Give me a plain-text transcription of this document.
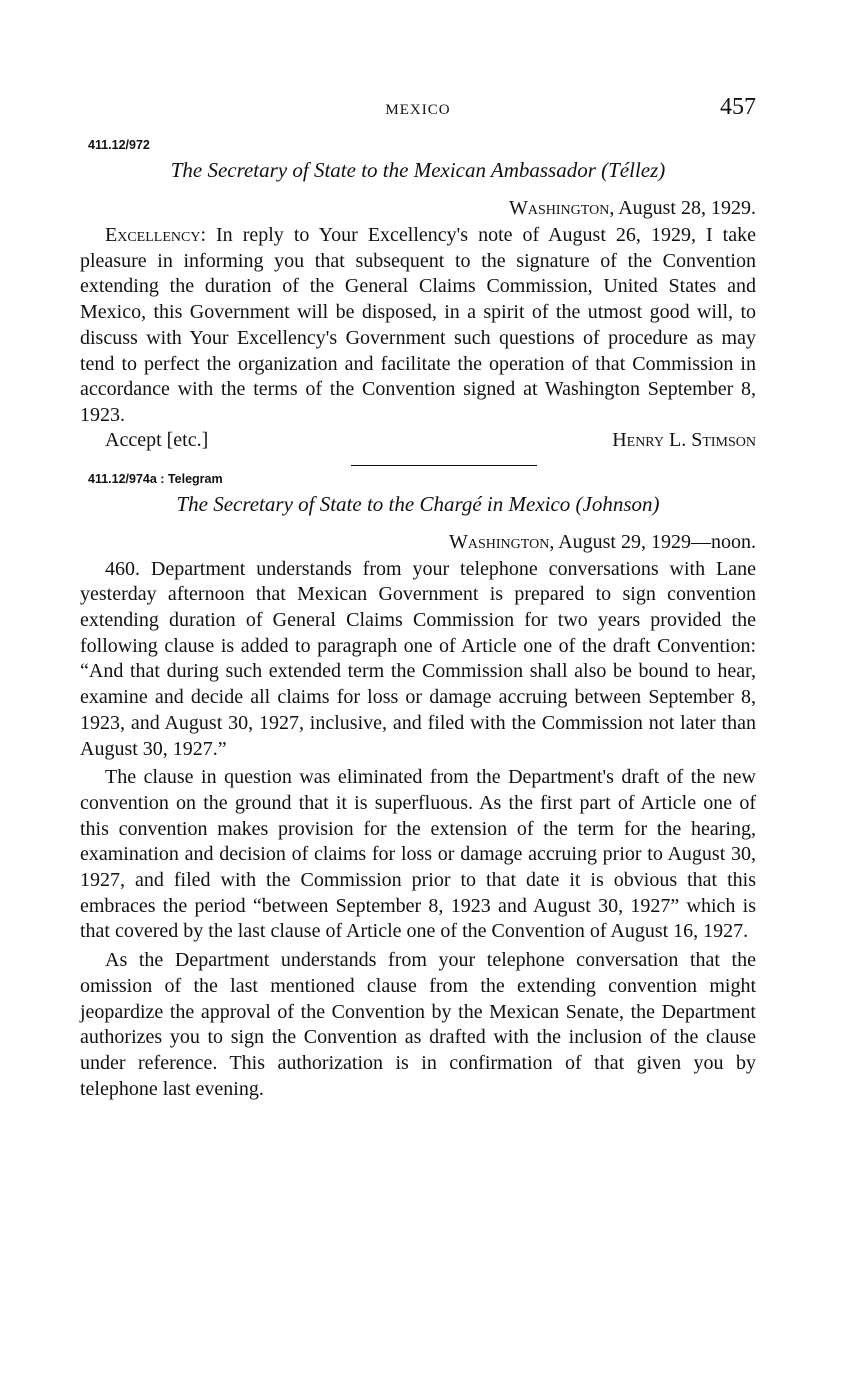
MEXICO	457
411.12/972
The Secretary of State to the Mexican Ambassador (Téllez)
Washington, August 28, 1929.

Excellency: In reply to Your Excellency's note of August 26, 1929, I take pleasure in informing you that subsequent to the signature of the Convention extending the duration of the General Claims Commission, United States and Mexico, this Government will be disposed, in a spirit of the utmost good will, to discuss with Your Excellency's Government such questions of procedure as may tend to perfect the organization and facilitate the operation of that Commission in accordance with the terms of the Convention signed at Washington September 8, 1923.

Accept [etc.]	Henry L. Stimson
411.12/974a : Telegram
The Secretary of State to the Chargé in Mexico (Johnson)
Washington, August 29, 1929—noon.

460. Department understands from your telephone conversations with Lane yesterday afternoon that Mexican Government is prepared to sign convention extending duration of General Claims Commission for two years provided the following clause is added to paragraph one of Article one of the draft Convention: “And that during such extended term the Commission shall also be bound to hear, examine and decide all claims for loss or damage accruing between September 8, 1923, and August 30, 1927, inclusive, and filed with the Commission not later than August 30, 1927.”

The clause in question was eliminated from the Department's draft of the new convention on the ground that it is superfluous. As the first part of Article one of this convention makes provision for the extension of the term for the hearing, examination and decision of claims for loss or damage accruing prior to August 30, 1927, and filed with the Commission prior to that date it is obvious that this embraces the period “between September 8, 1923 and August 30, 1927” which is that covered by the last clause of Article one of the Convention of August 16, 1927.

As the Department understands from your telephone conversation that the omission of the last mentioned clause from the extending convention might jeopardize the approval of the Convention by the Mexican Senate, the Department authorizes you to sign the Convention as drafted with the inclusion of the clause under reference. This authorization is in confirmation of that given you by telephone last evening.
